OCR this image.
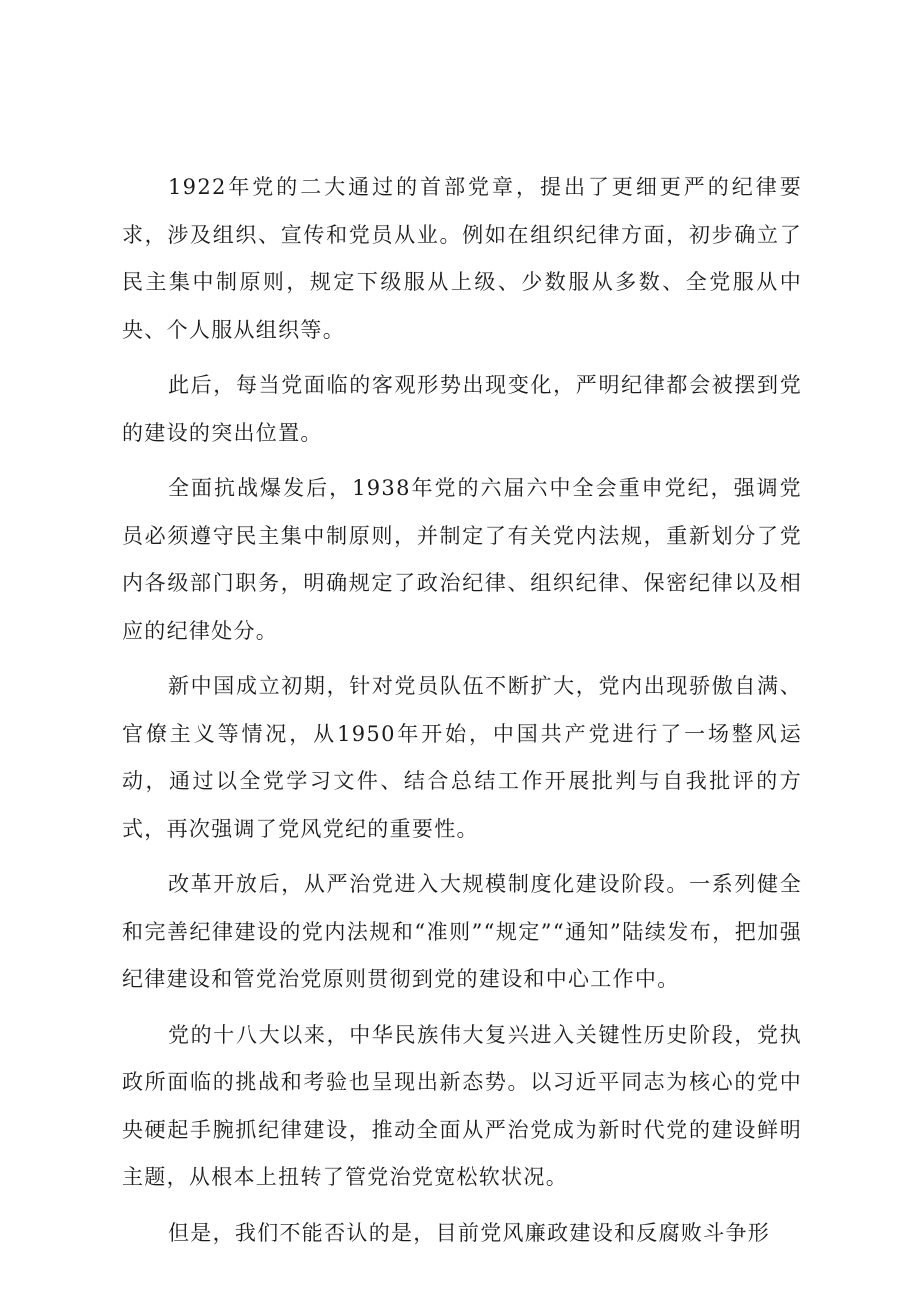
1922年党的二大通过的首部党章，提出了更细更严的纪律要求，涉及组织、宣传和党员从业。例如在组织纪律方面，初步确立了民主集中制原则，规定下级服从上级、少数服从多数、全党服从中央、个人服从组织等。

此后，每当党面临的客观形势出现变化，严明纪律都会被摆到党的建设的突出位置。

全面抗战爆发后，1938年党的六届六中全会重申党纪，强调党员必须遵守民主集中制原则，并制定了有关党内法规，重新划分了党内各级部门职务，明确规定了政治纪律、组织纪律、保密纪律以及相应的纪律处分。

新中国成立初期，针对党员队伍不断扩大，党内出现骄傲自满、官僚主义等情况，从1950年开始，中国共产党进行了一场整风运动，通过以全党学习文件、结合总结工作开展批判与自我批评的方式，再次强调了党风党纪的重要性。

改革开放后，从严治党进入大规模制度化建设阶段。一系列健全和完善纪律建设的党内法规和“准则”“规定”“通知”陆续发布，把加强纪律建设和管党治党原则贯彻到党的建设和中心工作中。

党的十八大以来，中华民族伟大复兴进入关键性历史阶段，党执政所面临的挑战和考验也呈现出新态势。以习近平同志为核心的党中央硬起手腕抓纪律建设，推动全面从严治党成为新时代党的建设鲜明主题，从根本上扭转了管党治党宽松软状况。

但是，我们不能否认的是，目前党风廉政建设和反腐败斗争形
